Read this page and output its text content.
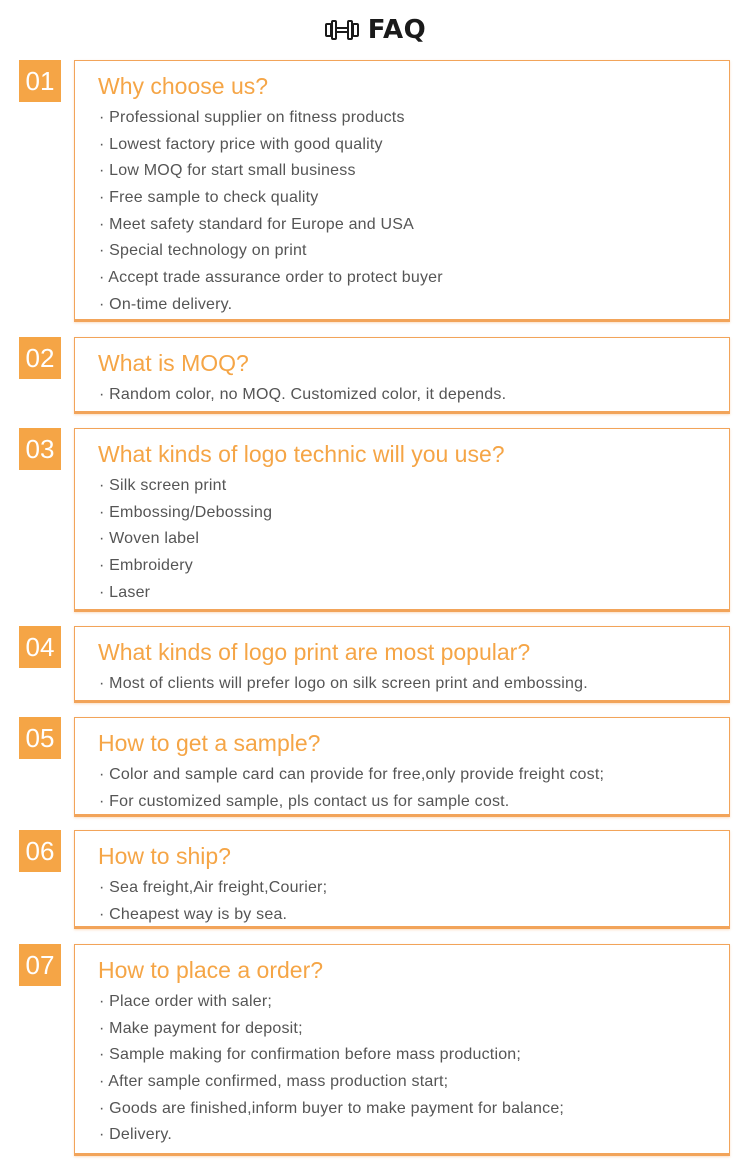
FAQ
01 Why choose us?
· Professional supplier on fitness products
· Lowest factory price with good quality
· Low MOQ for start small business
· Free sample to check quality
· Meet safety standard for Europe and USA
· Special technology on print
· Accept trade assurance order to protect buyer
· On-time delivery.
02 What is MOQ?
· Random color, no MOQ. Customized color, it depends.
03 What kinds of logo technic will you use?
· Silk screen print
· Embossing/Debossing
· Woven label
· Embroidery
· Laser
04 What kinds of logo print are most popular?
· Most of clients will prefer logo on silk screen print and embossing.
05 How to get a sample?
· Color and sample card can provide for free,only provide freight cost;
· For customized sample, pls contact us for sample cost.
06 How to ship?
· Sea freight,Air freight,Courier;
· Cheapest way is by sea.
07 How to place a order?
· Place order with saler;
· Make payment for deposit;
· Sample making for confirmation before mass production;
· After sample confirmed, mass production start;
· Goods are finished,inform buyer to make payment for balance;
· Delivery.
